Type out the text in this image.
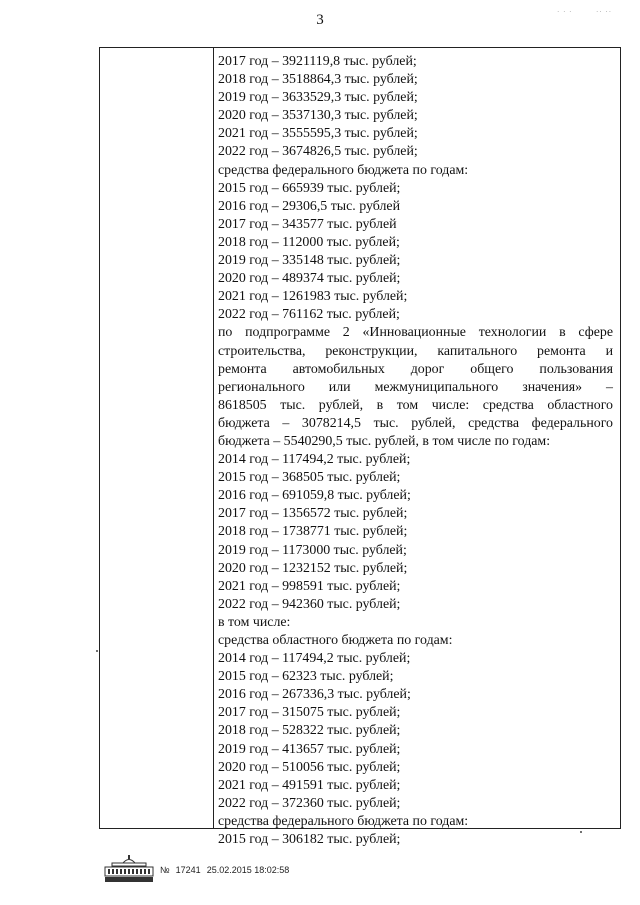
3	· · ·	·· ··
2017 год – 3921119,8 тыс. рублей;
2018 год – 3518864,3 тыс. рублей;
2019 год – 3633529,3 тыс. рублей;
2020 год – 3537130,3 тыс. рублей;
2021 год – 3555595,3 тыс. рублей;
2022 год – 3674826,5 тыс. рублей;
средства федерального бюджета по годам:
2015 год – 665939 тыс. рублей;
2016 год – 29306,5 тыс. рублей
2017 год – 343577 тыс. рублей
2018 год – 112000 тыс. рублей;
2019 год – 335148 тыс. рублей;
2020 год – 489374 тыс. рублей;
2021 год – 1261983 тыс. рублей;
2022 год – 761162 тыс. рублей;
по подпрограмме 2 «Инновационные технологии в сфере
строительства, реконструкции, капитального ремонта и
ремонта автомобильных дорог общего пользования
регионального или межмуниципального значения» –
8618505 тыс. рублей, в том числе: средства областного
бюджета – 3078214,5 тыс. рублей, средства федерального
бюджета – 5540290,5 тыс. рублей, в том числе по годам:
2014 год – 117494,2 тыс. рублей;
2015 год – 368505 тыс. рублей;
2016 год – 691059,8 тыс. рублей;
2017 год – 1356572 тыс. рублей;
2018 год – 1738771 тыс. рублей;
2019 год – 1173000 тыс. рублей;
2020 год – 1232152 тыс. рублей;
2021 год – 998591 тыс. рублей;
2022 год – 942360 тыс. рублей;
в том числе:
средства областного бюджета по годам:
2014 год – 117494,2 тыс. рублей;
2015 год – 62323 тыс. рублей;
2016 год – 267336,3 тыс. рублей;
2017 год – 315075 тыс. рублей;
2018 год – 528322 тыс. рублей;
2019 год – 413657 тыс. рублей;
2020 год – 510056 тыс. рублей;
2021 год – 491591 тыс. рублей;
2022 год – 372360 тыс. рублей;
средства федерального бюджета по годам:
2015 год – 306182 тыс. рублей;
№ 17241 25.02.2015 18:02:58
